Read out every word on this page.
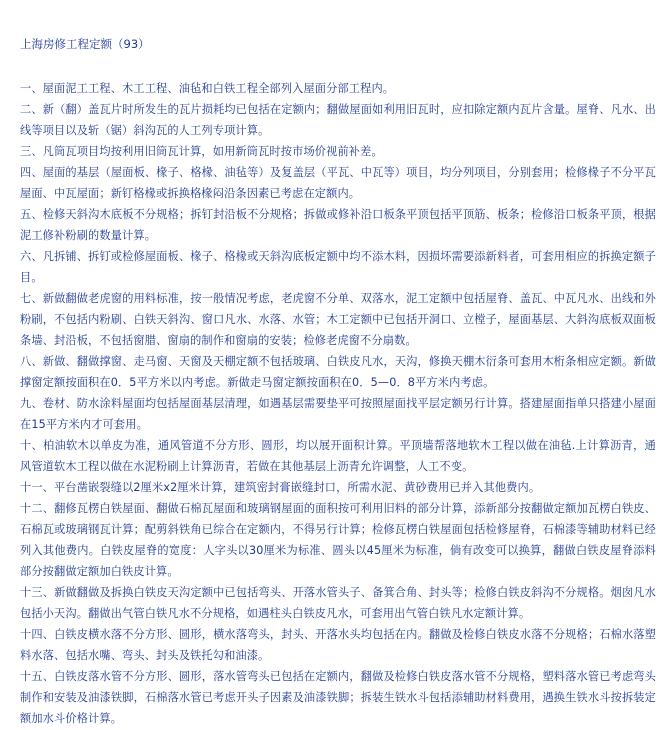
上海房修工程定额（93）

一、屋面泥工工程、木工工程、油毡和白铁工程全部列入屋面分部工程内。

二、新（翻）盖瓦片时所发生的瓦片损耗均已包括在定额内；翻做屋面如利用旧瓦时，应扣除定额内瓦片含量。屋脊、凡水、出线等项目以及斩（锯）斜沟瓦的人工列专项计算。

三、凡筒瓦项目均按利用旧筒瓦计算，如用新筒瓦时按市场价视前补差。

四、屋面的基层（屋面板、椽子、格椽、油毡等）及复盖层（平瓦、中瓦等）项目，均分列项目，分别套用；检修椽子不分平瓦屋面、中瓦屋面；新钉格椽或拆换格椽闷沿条因素已考虑在定额内。

五、检修天斜沟木底板不分规格；拆钉封沿板不分规格；拆做或修补沿口板条平顶包括平顶筋、板条；检修沿口板条平顶，根据泥工修补粉刷的数量计算。

六、凡拆铺、拆钉或检修屋面板、椽子、格椽或天斜沟底板定额中均不添木料，因损坏需要添新料者，可套用相应的拆换定额子目。

七、新做翻做老虎窗的用料标准，按一般情况考虑，老虎窗不分单、双落水，泥工定额中包括屋脊、盖瓦、中瓦凡水、出线和外粉刷，不包括内粉刷、白铁天斜沟、窗口凡水、水落、水管；木工定额中已包括开洞口、立樘子，屋面基层、大斜沟底板双面板条墙、封沿板，不包括窗腊、窗扇的制作和窗扇的安装；检修老虎窗不分扇数。

八、新做、翻做撑窗、走马窗、天窗及天棚定额不包括玻璃、白铁皮凡水，天沟，修换天棚木衍条可套用木桁条相应定额。新做撑窗定额按面积在0．5平方米以内考虑。新做走马窗定额按面积在0．5—0．8平方米内考虑。

九、卷材、防水涂料屋面均包括屋面基层清理，如遇基层需要垫平可按照屋面找平层定额另行计算。搭建屋面指单只搭建小屋面在15平方米内才可套用。

十、柏油软木以单皮为准，通风管道不分方形、圆形，均以展开面积计算。平顶墙帮落地软木工程以做在油毡.上计算沥青，通风管道软木工程以做在水泥粉刷上计算沥青，若做在其他基层上沥青允许调整，人工不变。

十一、平台凿嵌裂缝以2厘米x2厘米计算，建筑密封膏嵌缝封口，所需水泥、黄砂费用已并入其他费内。

十二、翻修瓦楞白铁屋面、翻做石棉瓦屋面和玻璃钢屋面的面积按可利用旧料的部分计算，添新部分按翻做定额加瓦楞白铁皮、石棉瓦或玻璃钢瓦计算；配剪斜铁角已综合在定额内，不得另行计算；检修瓦楞白铁屋面包括检修屋脊，石棉漆等辅助材料已经列入其他费内。白铁皮屋脊的宽度：人字头以30厘米为标准、圆头以45厘米为标准，倘有改变可以换算，翻做白铁皮屋脊添料部分按翻做定额加白铁皮计算。

十三、新做翻做及拆换白铁皮天沟定额中已包括弯头、开落水管头子、备箕合角、封头等；检修白铁皮斜沟不分规格。烟囱凡水包括小天沟。翻做出气管白铁凡水不分规格，如遇柱头白铁皮凡水，可套用出气管白铁凡水定额计算。

十四、白铁皮横水落不分方形、圆形，横水落弯头，封头、开落水头均包括在内。翻做及检修白铁皮水落不分规格；石棉水落塑料水落、包括水嘴、弯头、封头及铁托勾和油漆。

十五、白铁皮落水管不分方形、圆形，落水管弯头已包括在定额内，翻做及检修白铁皮落水管不分规格，塑料落水管已考虑弯头制作和安装及油漆铁脚，石棉落水管已考虑开头子因素及油漆铁脚；拆装生铁水斗包括添辅助材料费用，遇换生铁水斗按拆装定额加水斗价格计算。
